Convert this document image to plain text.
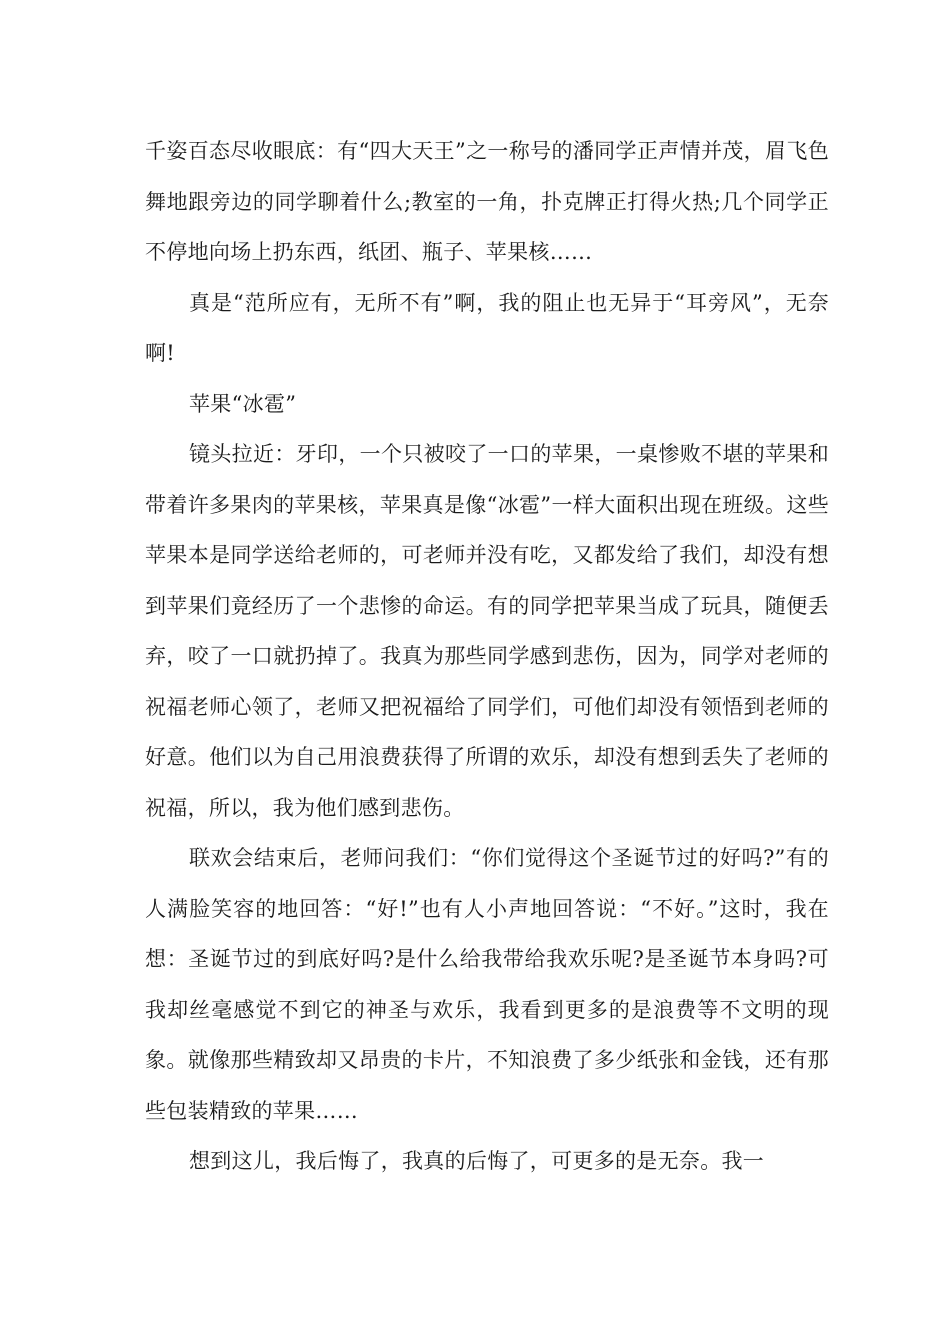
千姿百态尽收眼底：有“四大天王”之一称号的潘同学正声情并茂，眉飞色舞地跟旁边的同学聊着什么;教室的一角，扑克牌正打得火热;几个同学正不停地向场上扔东西，纸团、瓶子、苹果核……

真是“范所应有，无所不有”啊，我的阻止也无异于“耳旁风”，无奈啊!

苹果“冰雹”

镜头拉近：牙印，一个只被咬了一口的苹果，一桌惨败不堪的苹果和带着许多果肉的苹果核，苹果真是像“冰雹”一样大面积出现在班级。这些苹果本是同学送给老师的，可老师并没有吃，又都发给了我们，却没有想到苹果们竟经历了一个悲惨的命运。有的同学把苹果当成了玩具，随便丢弃，咬了一口就扔掉了。我真为那些同学感到悲伤，因为，同学对老师的祝福老师心领了，老师又把祝福给了同学们，可他们却没有领悟到老师的好意。他们以为自己用浪费获得了所谓的欢乐，却没有想到丢失了老师的祝福，所以，我为他们感到悲伤。

联欢会结束后，老师问我们：“你们觉得这个圣诞节过的好吗?”有的人满脸笑容的地回答：“好!”也有人小声地回答说：“不好。”这时，我在想：圣诞节过的到底好吗?是什么给我带给我欢乐呢?是圣诞节本身吗?可我却丝毫感觉不到它的神圣与欢乐，我看到更多的是浪费等不文明的现象。就像那些精致却又昂贵的卡片，不知浪费了多少纸张和金钱，还有那些包装精致的苹果……

想到这儿，我后悔了，我真的后悔了，可更多的是无奈。我一
